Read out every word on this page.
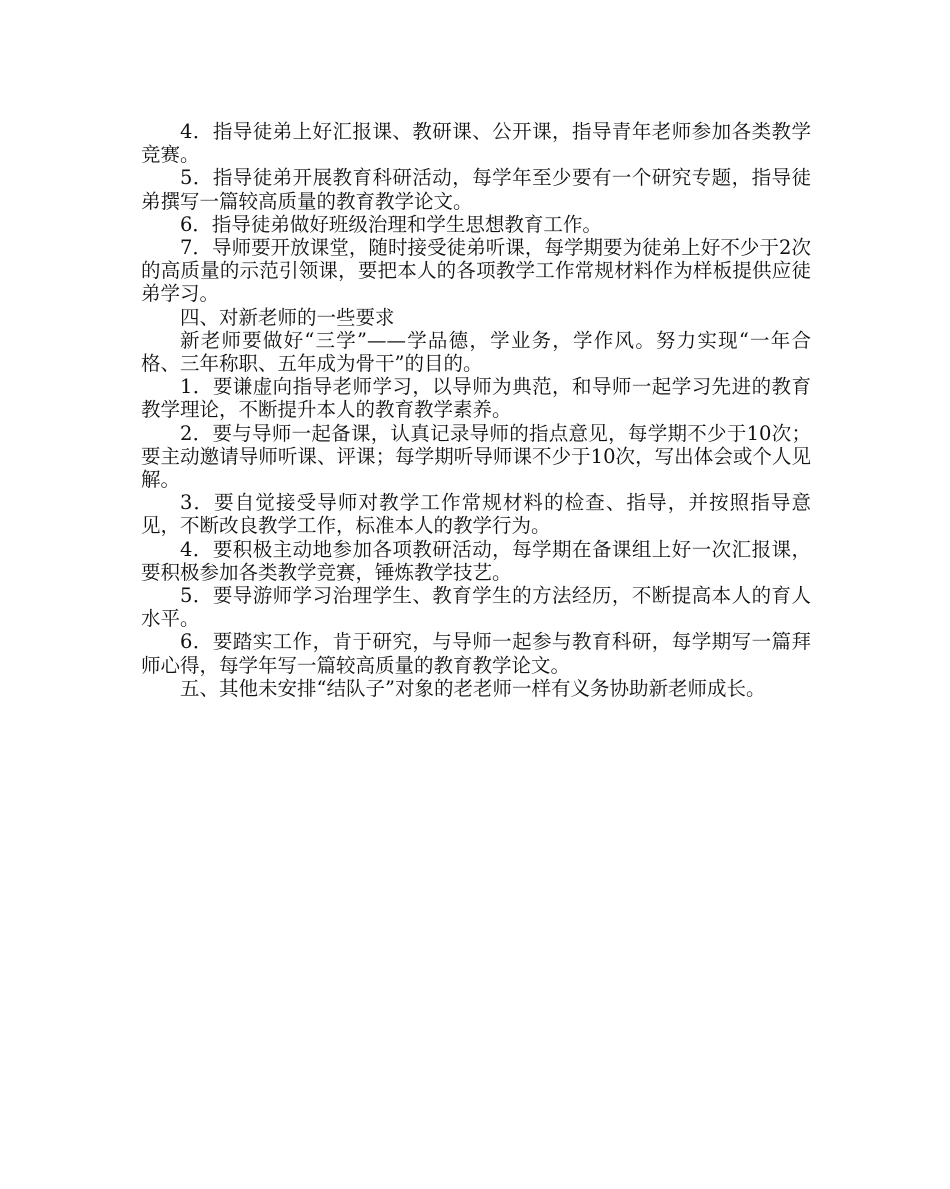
4．指导徒弟上好汇报课、教研课、公开课，指导青年老师参加各类教学竞赛。

5．指导徒弟开展教育科研活动，每学年至少要有一个研究专题，指导徒弟撰写一篇较高质量的教育教学论文。

6．指导徒弟做好班级治理和学生思想教育工作。

7．导师要开放课堂，随时接受徒弟听课，每学期要为徒弟上好不少于2次的高质量的示范引领课，要把本人的各项教学工作常规材料作为样板提供应徒弟学习。

四、对新老师的一些要求

新老师要做好“三学”——学品德，学业务，学作风。努力实现“一年合格、三年称职、五年成为骨干”的目的。

1．要谦虚向指导老师学习，以导师为典范，和导师一起学习先进的教育教学理论，不断提升本人的教育教学素养。

2．要与导师一起备课，认真记录导师的指点意见，每学期不少于10次；要主动邀请导师听课、评课；每学期听导师课不少于10次，写出体会或个人见解。

3．要自觉接受导师对教学工作常规材料的检查、指导，并按照指导意见，不断改良教学工作，标准本人的教学行为。

4．要积极主动地参加各项教研活动，每学期在备课组上好一次汇报课，要积极参加各类教学竞赛，锤炼教学技艺。

5．要导游师学习治理学生、教育学生的方法经历，不断提高本人的育人水平。

6．要踏实工作，肯于研究，与导师一起参与教育科研，每学期写一篇拜师心得，每学年写一篇较高质量的教育教学论文。

五、其他未安排“结队子”对象的老老师一样有义务协助新老师成长。
